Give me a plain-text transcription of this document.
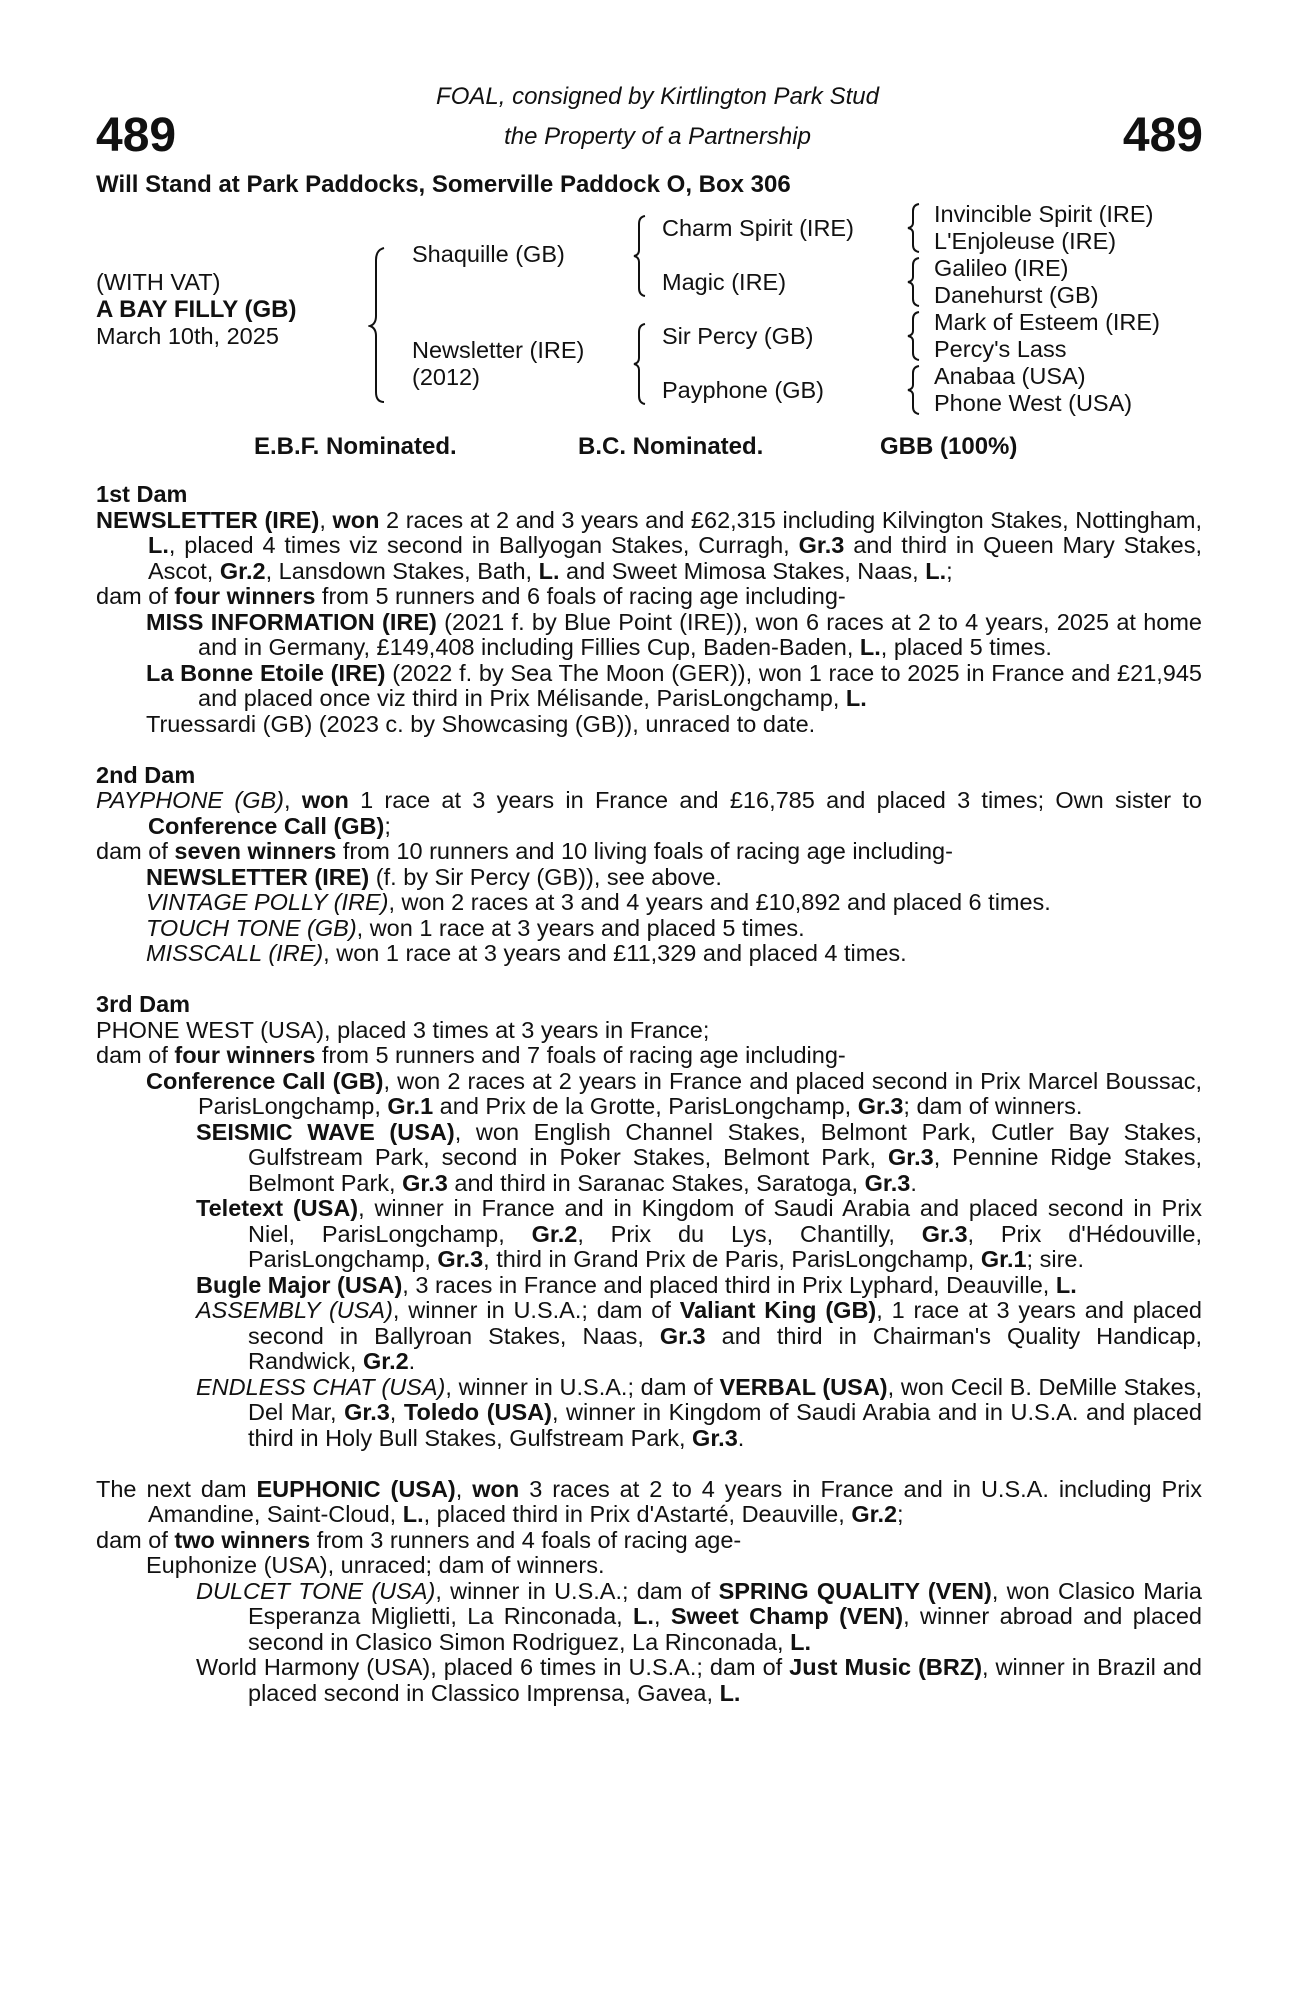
489	489
FOAL, consigned by Kirtlington Park Stud
the Property of a Partnership
Will Stand at Park Paddocks, Somerville Paddock O, Box 306
(WITH VAT)
A BAY FILLY (GB)
March 10th, 2025
Shaquille (GB)
Newsletter (IRE)
(2012)
Charm Spirit (IRE)
Magic (IRE)
Sir Percy (GB)
Payphone (GB)
Invincible Spirit (IRE)
L'Enjoleuse (IRE)
Galileo (IRE)
Danehurst (GB)
Mark of Esteem (IRE)
Percy's Lass
Anabaa (USA)
Phone West (USA)
E.B.F. Nominated.	B.C. Nominated.	GBB (100%)
1st Dam

NEWSLETTER (IRE), won 2 races at 2 and 3 years and £62,315 including Kilvington Stakes, Nottingham, L., placed 4 times viz second in Ballyogan Stakes, Curragh, Gr.3 and third in Queen Mary Stakes, Ascot, Gr.2, Lansdown Stakes, Bath, L. and Sweet Mimosa Stakes, Naas, L.;

dam of four winners from 5 runners and 6 foals of racing age including-

MISS INFORMATION (IRE) (2021 f. by Blue Point (IRE)), won 6 races at 2 to 4 years, 2025 at home and in Germany, £149,408 including Fillies Cup, Baden-Baden, L., placed 5 times.

La Bonne Etoile (IRE) (2022 f. by Sea The Moon (GER)), won 1 race to 2025 in France and £21,945 and placed once viz third in Prix Mélisande, ParisLongchamp, L.

Truessardi (GB) (2023 c. by Showcasing (GB)), unraced to date.

2nd Dam

PAYPHONE (GB), won 1 race at 3 years in France and £16,785 and placed 3 times; Own sister to Conference Call (GB);

dam of seven winners from 10 runners and 10 living foals of racing age including-

NEWSLETTER (IRE) (f. by Sir Percy (GB)), see above.

VINTAGE POLLY (IRE), won 2 races at 3 and 4 years and £10,892 and placed 6 times.

TOUCH TONE (GB), won 1 race at 3 years and placed 5 times.

MISSCALL (IRE), won 1 race at 3 years and £11,329 and placed 4 times.

3rd Dam

PHONE WEST (USA), placed 3 times at 3 years in France;

dam of four winners from 5 runners and 7 foals of racing age including-

Conference Call (GB), won 2 races at 2 years in France and placed second in Prix Marcel Boussac, ParisLongchamp, Gr.1 and Prix de la Grotte, ParisLongchamp, Gr.3; dam of winners.

SEISMIC WAVE (USA), won English Channel Stakes, Belmont Park, Cutler Bay Stakes, Gulfstream Park, second in Poker Stakes, Belmont Park, Gr.3, Pennine Ridge Stakes, Belmont Park, Gr.3 and third in Saranac Stakes, Saratoga, Gr.3.

Teletext (USA), winner in France and in Kingdom of Saudi Arabia and placed second in Prix Niel, ParisLongchamp, Gr.2, Prix du Lys, Chantilly, Gr.3, Prix d'Hédouville, ParisLongchamp, Gr.3, third in Grand Prix de Paris, ParisLongchamp, Gr.1; sire.

Bugle Major (USA), 3 races in France and placed third in Prix Lyphard, Deauville, L.

ASSEMBLY (USA), winner in U.S.A.; dam of Valiant King (GB), 1 race at 3 years and placed second in Ballyroan Stakes, Naas, Gr.3 and third in Chairman's Quality Handicap, Randwick, Gr.2.

ENDLESS CHAT (USA), winner in U.S.A.; dam of VERBAL (USA), won Cecil B. DeMille Stakes, Del Mar, Gr.3, Toledo (USA), winner in Kingdom of Saudi Arabia and in U.S.A. and placed third in Holy Bull Stakes, Gulfstream Park, Gr.3.

The next dam EUPHONIC (USA), won 3 races at 2 to 4 years in France and in U.S.A. including Prix Amandine, Saint-Cloud, L., placed third in Prix d'Astarté, Deauville, Gr.2;

dam of two winners from 3 runners and 4 foals of racing age-

Euphonize (USA), unraced; dam of winners.

DULCET TONE (USA), winner in U.S.A.; dam of SPRING QUALITY (VEN), won Clasico Maria Esperanza Miglietti, La Rinconada, L., Sweet Champ (VEN), winner abroad and placed second in Clasico Simon Rodriguez, La Rinconada, L.

World Harmony (USA), placed 6 times in U.S.A.; dam of Just Music (BRZ), winner in Brazil and placed second in Classico Imprensa, Gavea, L.
